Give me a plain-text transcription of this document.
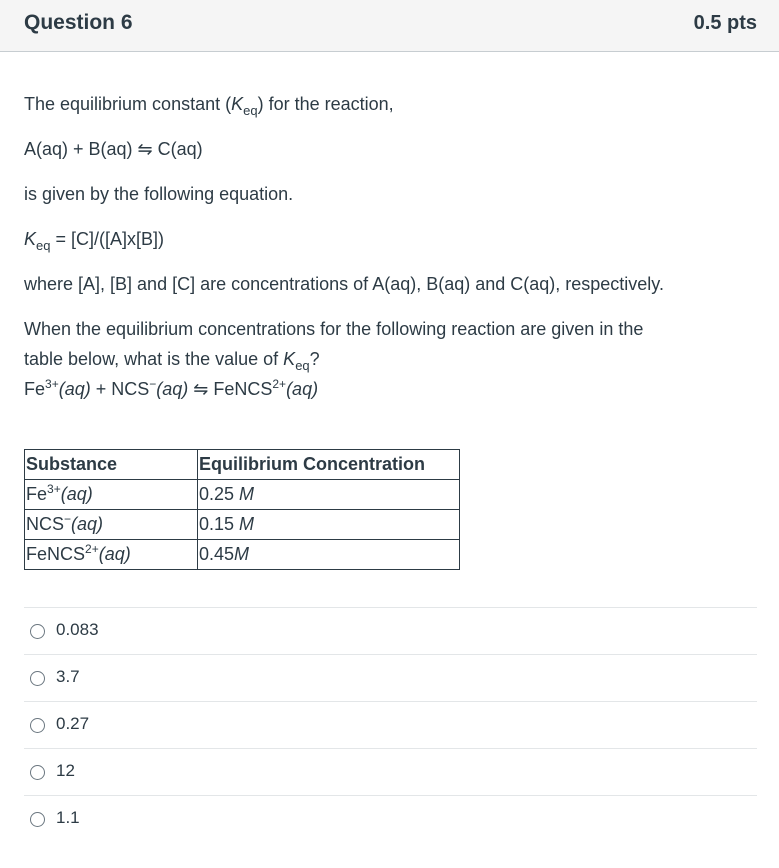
Question 6	0.5 pts
The equilibrium constant $(K_{eq})$ for the reaction,
A(aq) + B(aq) ⇋ C(aq)
is given by the following equation.
$K_{eq} = [C]/([A]x[B])$
where [A], [B] and [C] are concentrations of A(aq), B(aq) and C(aq), respectively.
When the equilibrium concentrations for the following reaction are given in the
table below, what is the value of $K_{eq}$?
$Fe^{3+}(aq) + NCS^-(aq)$ ⇋ FeNCS$^{2+}$(aq)
Substance	Equilibrium Concentration
$Fe^{3+}(aq)$	0.25 M
NCS−(aq)	0.15 M
FeNCS$^{2+}$(aq)	0.45M
0.083
3.7
0.27
12
1.1
